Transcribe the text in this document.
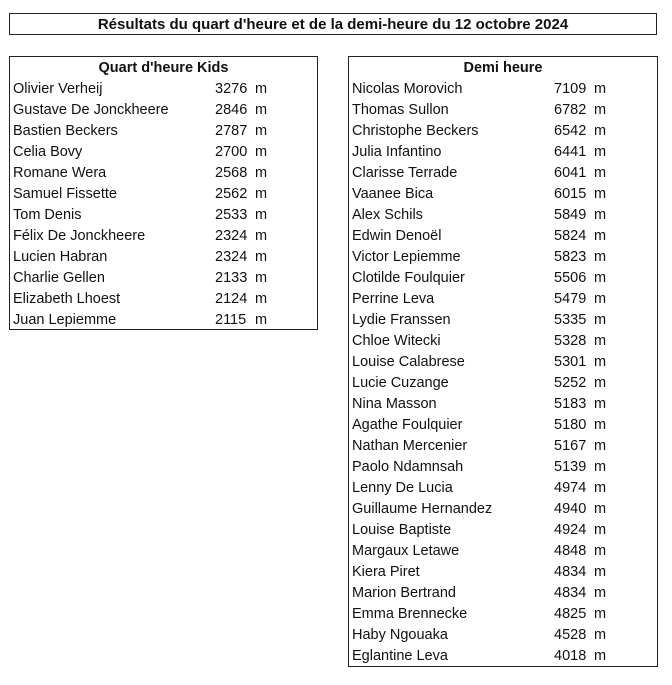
Résultats du quart d'heure et de la demi-heure du 12 octobre 2024
Quart d'heure Kids
Olivier Verheij	3276 m
Gustave De Jonckheere	2846 m
Bastien Beckers	2787 m
Celia Bovy	2700 m
Romane Wera	2568 m
Samuel Fissette	2562 m
Tom Denis	2533 m
Félix De Jonckheere	2324 m
Lucien Habran	2324 m
Charlie Gellen	2133 m
Elizabeth Lhoest	2124 m
Juan Lepiemme	2115 m
Demi heure
Nicolas Morovich	7109 m
Thomas Sullon	6782 m
Christophe Beckers	6542 m
Julia Infantino	6441 m
Clarisse Terrade	6041 m
Vaanee Bica	6015 m
Alex Schils	5849 m
Edwin Denoël	5824 m
Victor Lepiemme	5823 m
Clotilde Foulquier	5506 m
Perrine Leva	5479 m
Lydie Franssen	5335 m
Chloe Witecki	5328 m
Louise Calabrese	5301 m
Lucie Cuzange	5252 m
Nina Masson	5183 m
Agathe Foulquier	5180 m
Nathan Mercenier	5167 m
Paolo Ndamnsah	5139 m
Lenny De Lucia	4974 m
Guillaume Hernandez	4940 m
Louise Baptiste	4924 m
Margaux Letawe	4848 m
Kiera Piret	4834 m
Marion Bertrand	4834 m
Emma Brennecke	4825 m
Haby Ngouaka	4528 m
Eglantine Leva	4018 m
